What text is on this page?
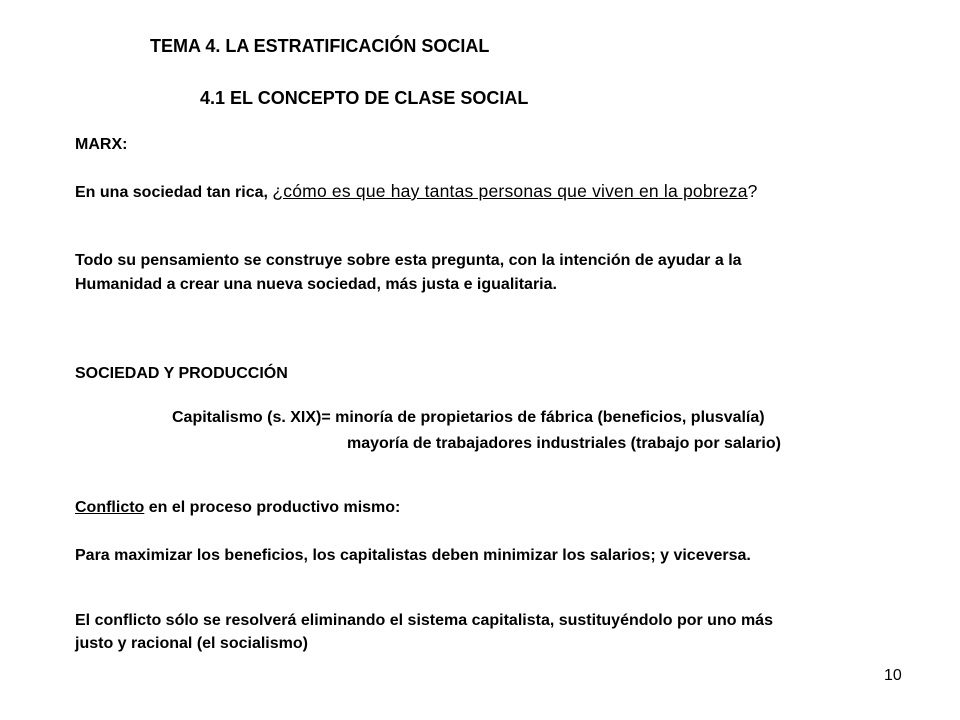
TEMA 4. LA ESTRATIFICACIÓN SOCIAL
4.1 EL CONCEPTO DE CLASE SOCIAL
MARX:
En una sociedad tan rica, ¿cómo es que hay tantas personas que viven en la pobreza?
Todo su pensamiento se construye sobre esta pregunta, con la intención de ayudar a la
Humanidad a crear una nueva sociedad, más justa e igualitaria.
SOCIEDAD Y PRODUCCIÓN
Capitalismo (s. XIX)= minoría de propietarios de fábrica (beneficios, plusvalía)
mayoría de trabajadores industriales (trabajo por salario)
Conflicto en el proceso productivo mismo:
Para maximizar los beneficios, los capitalistas deben minimizar los salarios; y viceversa.
El conflicto sólo se resolverá eliminando el sistema capitalista, sustituyéndolo por uno más
justo y racional (el socialismo)
10
